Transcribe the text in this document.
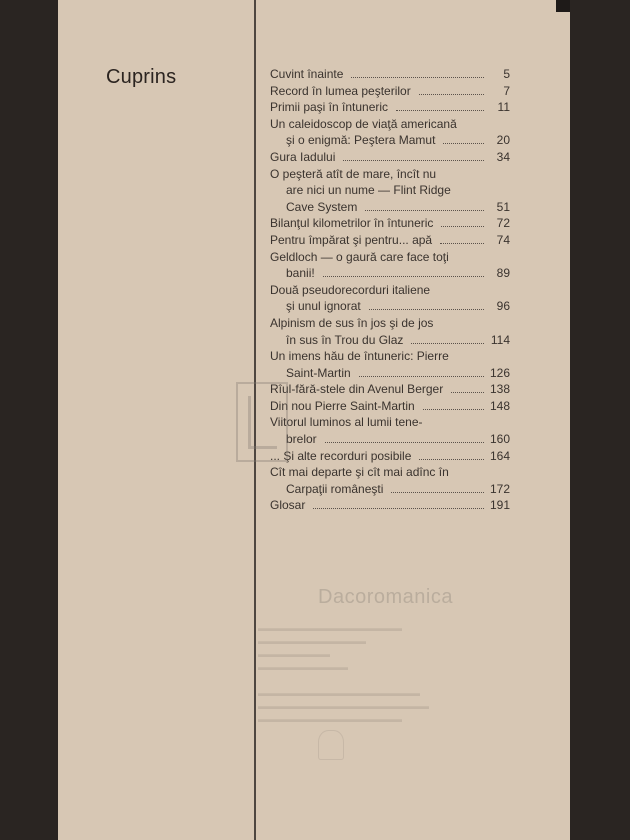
Cuprins	Cuvint înainte	5
Record în lumea peşterilor	7
Primii paşi în întuneric	11
Un caleidoscop de viaţă americană
şi o enigmă: Peştera Mamut	20
Gura Iadului	34
O peşteră atît de mare, încît nu
are nici un nume — Flint Ridge
Cave System	51
Bilanţul kilometrilor în întuneric	72
Pentru împărat şi pentru... apă	74
Geldloch — o gaură care face toţi
banii!	89
Două pseudorecorduri italiene
şi unul ignorat	96
Alpinism de sus în jos şi de jos
în sus în Trou du Glaz	114
Un imens hău de întuneric: Pierre
Saint-Martin	126
Rîul-fără-stele din Avenul Berger	138
Din nou Pierre Saint-Martin	148
Viitorul luminos al lumii tene-
brelor	160
... Şi alte recorduri posibile	164
Cît mai departe şi cît mai adînc în
Carpaţii româneşti	172
Glosar	191
Dacoromanica
▬▬▬▬▬▬▬▬▬▬▬▬▬▬▬▬
▬▬▬▬▬▬▬▬▬▬▬▬
▬▬▬▬▬▬▬▬
▬▬▬▬▬▬▬▬▬▬

▬▬▬▬▬▬▬▬▬▬▬▬▬▬▬▬▬▬
▬▬▬▬▬▬▬▬▬▬▬▬▬▬▬▬▬▬▬
▬▬▬▬▬▬▬▬▬▬▬▬▬▬▬▬
